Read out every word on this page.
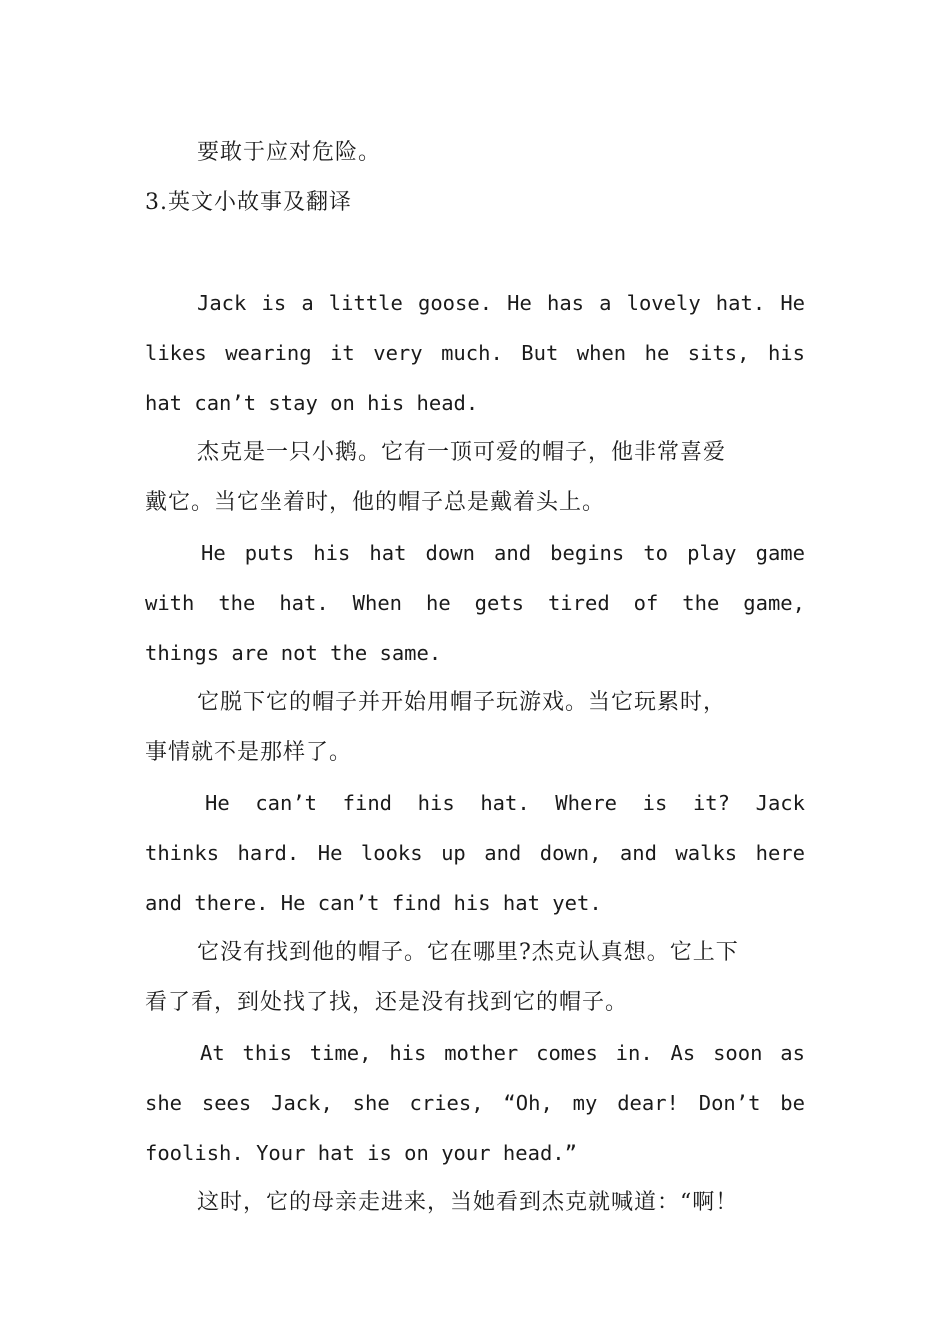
要敢于应对危险。
3.英文小故事及翻译
Jack is a little goose. He has a lovely hat. He
likes wearing it very much. But when he sits, his
hat can’t stay on his head.
杰克是一只小鹅。它有一顶可爱的帽子，他非常喜爱
戴它。当它坐着时，他的帽子总是戴着头上。
He puts his hat down and begins to play game
with the hat. When he gets tired of the game,
things are not the same.
它脱下它的帽子并开始用帽子玩游戏。当它玩累时，
事情就不是那样了。
He can’t find his hat. Where is it? Jack
thinks hard. He looks up and down, and walks here
and there. He can’t find his hat yet.
它没有找到他的帽子。它在哪里?杰克认真想。它上下
看了看，到处找了找，还是没有找到它的帽子。
At this time, his mother comes in. As soon as
she sees Jack, she cries, “Oh, my dear! Don’t be
foolish. Your hat is on your head.”
这时，它的母亲走进来，当她看到杰克就喊道：“啊！
